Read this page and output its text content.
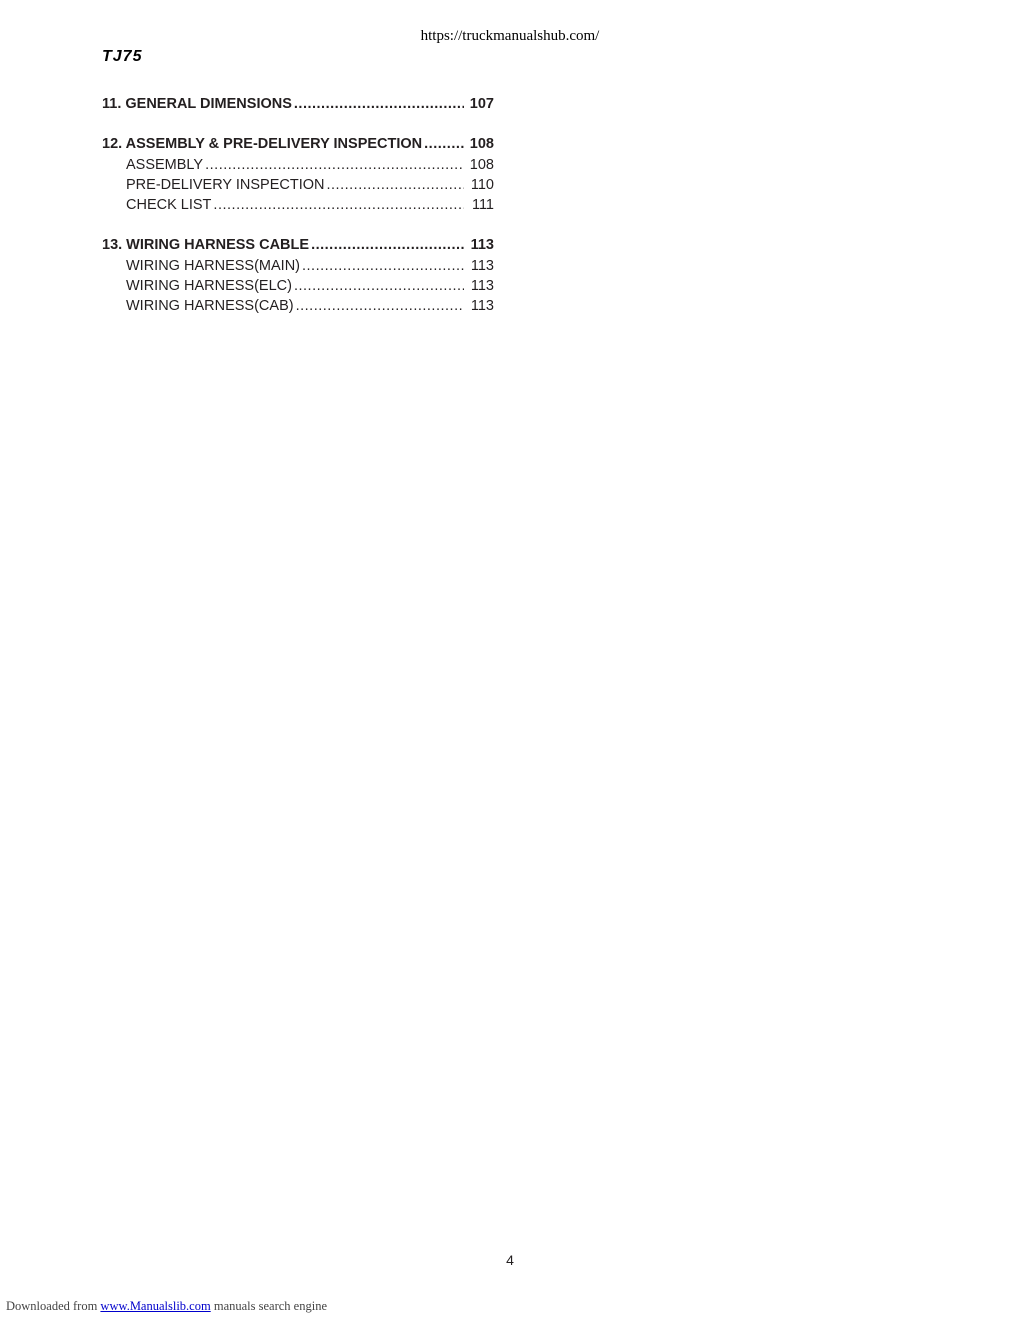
https://truckmanualshub.com/
TJ75
11. GENERAL DIMENSIONS .....	107
12. ASSEMBLY & PRE-DELIVERY INSPECTION .....	108
ASSEMBLY .....	108
PRE-DELIVERY INSPECTION .....	110
CHECK LIST .....	111
13. WIRING HARNESS CABLE .....	113
WIRING HARNESS(MAIN) .....	113
WIRING HARNESS(ELC) .....	113
WIRING HARNESS(CAB) .....	113
4
Downloaded from www.Manualslib.com manuals search engine
